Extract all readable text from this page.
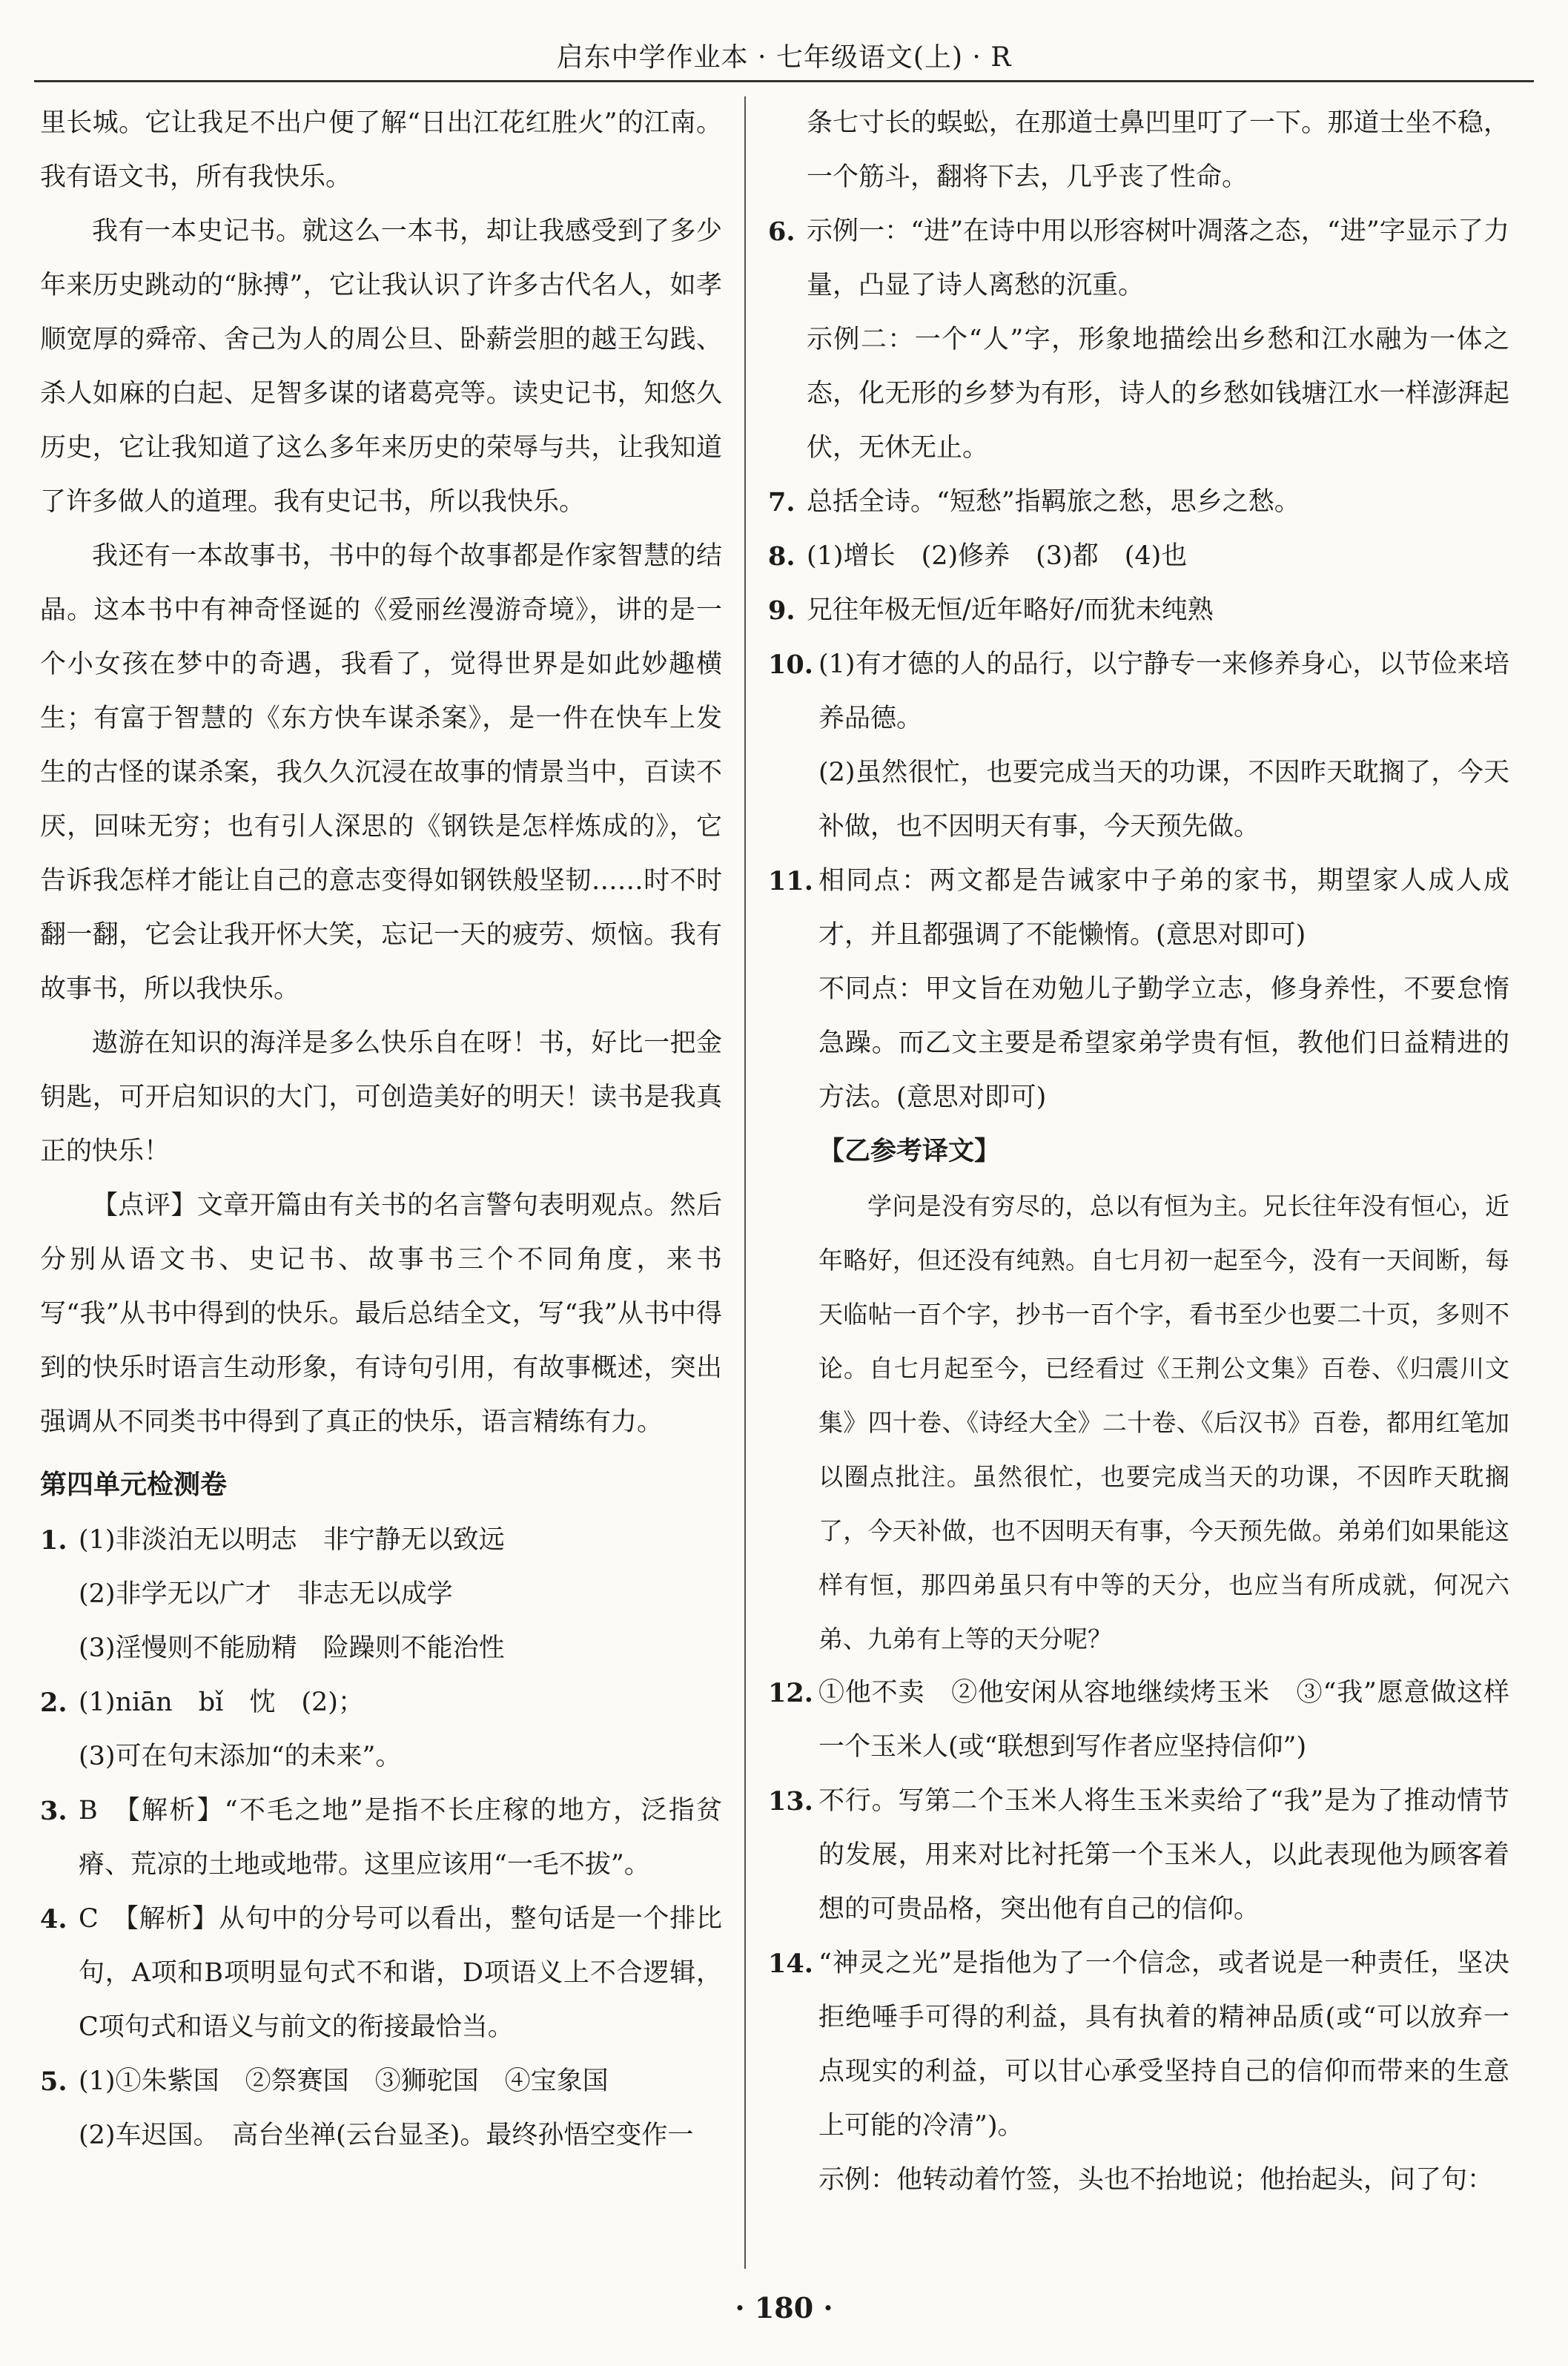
启东中学作业本 · 七年级语文(上) · R
里长城。它让我足不出户便了解“日出江花红胜火”的江南。我有语文书，所有我快乐。
我有一本史记书。就这么一本书，却让我感受到了多少年来历史跳动的“脉搏”，它让我认识了许多古代名人，如孝顺宽厚的舜帝、舍己为人的周公旦、卧薪尝胆的越王勾践、杀人如麻的白起、足智多谋的诸葛亮等。读史记书，知悠久历史，它让我知道了这么多年来历史的荣辱与共，让我知道了许多做人的道理。我有史记书，所以我快乐。
我还有一本故事书，书中的每个故事都是作家智慧的结晶。这本书中有神奇怪诞的《爱丽丝漫游奇境》，讲的是一个小女孩在梦中的奇遇，我看了，觉得世界是如此妙趣横生；有富于智慧的《东方快车谋杀案》，是一件在快车上发生的古怪的谋杀案，我久久沉浸在故事的情景当中，百读不厌，回味无穷；也有引人深思的《钢铁是怎样炼成的》，它告诉我怎样才能让自己的意志变得如钢铁般坚韧……时不时翻一翻，它会让我开怀大笑，忘记一天的疲劳、烦恼。我有故事书，所以我快乐。
遨游在知识的海洋是多么快乐自在呀！书，好比一把金钥匙，可开启知识的大门，可创造美好的明天！读书是我真正的快乐！
【点评】文章开篇由有关书的名言警句表明观点。然后分别从语文书、史记书、故事书三个不同角度，来书写“我”从书中得到的快乐。最后总结全文，写“我”从书中得到的快乐时语言生动形象，有诗句引用，有故事概述，突出强调从不同类书中得到了真正的快乐，语言精练有力。
第四单元检测卷
1. (1)非淡泊无以明志　非宁静无以致远
(2)非学无以广才　非志无以成学
(3)淫慢则不能励精　险躁则不能治性
2. (1)niān　bǐ　忱　(2)；
(3)可在句末添加“的未来”。
3. B　【解析】“不毛之地”是指不长庄稼的地方，泛指贫瘠、荒凉的土地或地带。这里应该用“一毛不拔”。
4. C　【解析】从句中的分号可以看出，整句话是一个排比句，A项和B项明显句式不和谐，D项语义上不合逻辑，C项句式和语义与前文的衔接最恰当。
5. (1)①朱紫国　②祭赛国　③狮驼国　④宝象国
(2)车迟国。　高台坐禅(云台显圣)。最终孙悟空变作一
条七寸长的蜈蚣，在那道士鼻凹里叮了一下。那道士坐不稳，一个筋斗，翻将下去，几乎丧了性命。
6. 示例一：“进”在诗中用以形容树叶凋落之态，“进”字显示了力量，凸显了诗人离愁的沉重。
示例二：一个“人”字，形象地描绘出乡愁和江水融为一体之态，化无形的乡梦为有形，诗人的乡愁如钱塘江水一样澎湃起伏，无休无止。
7. 总括全诗。“短愁”指羁旅之愁，思乡之愁。
8. (1)增长　(2)修养　(3)都　(4)也
9. 兄往年极无恒/近年略好/而犹未纯熟
10. (1)有才德的人的品行，以宁静专一来修养身心，以节俭来培养品德。
(2)虽然很忙，也要完成当天的功课，不因昨天耽搁了，今天补做，也不因明天有事，今天预先做。
11. 相同点：两文都是告诫家中子弟的家书，期望家人成人成才，并且都强调了不能懒惰。(意思对即可)
不同点：甲文旨在劝勉儿子勤学立志，修身养性，不要怠惰急躁。而乙文主要是希望家弟学贵有恒，教他们日益精进的方法。(意思对即可)
【乙参考译文】
学问是没有穷尽的，总以有恒为主。兄长往年没有恒心，近年略好，但还没有纯熟。自七月初一起至今，没有一天间断，每天临帖一百个字，抄书一百个字，看书至少也要二十页，多则不论。自七月起至今，已经看过《王荆公文集》百卷、《归震川文集》四十卷、《诗经大全》二十卷、《后汉书》百卷，都用红笔加以圈点批注。虽然很忙，也要完成当天的功课，不因昨天耽搁了，今天补做，也不因明天有事，今天预先做。弟弟们如果能这样有恒，那四弟虽只有中等的天分，也应当有所成就，何况六弟、九弟有上等的天分呢？
12. ①他不卖　②他安闲从容地继续烤玉米　③“我”愿意做这样一个玉米人(或“联想到写作者应坚持信仰”)
13. 不行。写第二个玉米人将生玉米卖给了“我”是为了推动情节的发展，用来对比衬托第一个玉米人，以此表现他为顾客着想的可贵品格，突出他有自己的信仰。
14. “神灵之光”是指他为了一个信念，或者说是一种责任，坚决拒绝唾手可得的利益，具有执着的精神品质(或“可以放弃一点现实的利益，可以甘心承受坚持自己的信仰而带来的生意上可能的冷清”)。
示例：他转动着竹签，头也不抬地说；他抬起头，问了句：
· 180 ·
